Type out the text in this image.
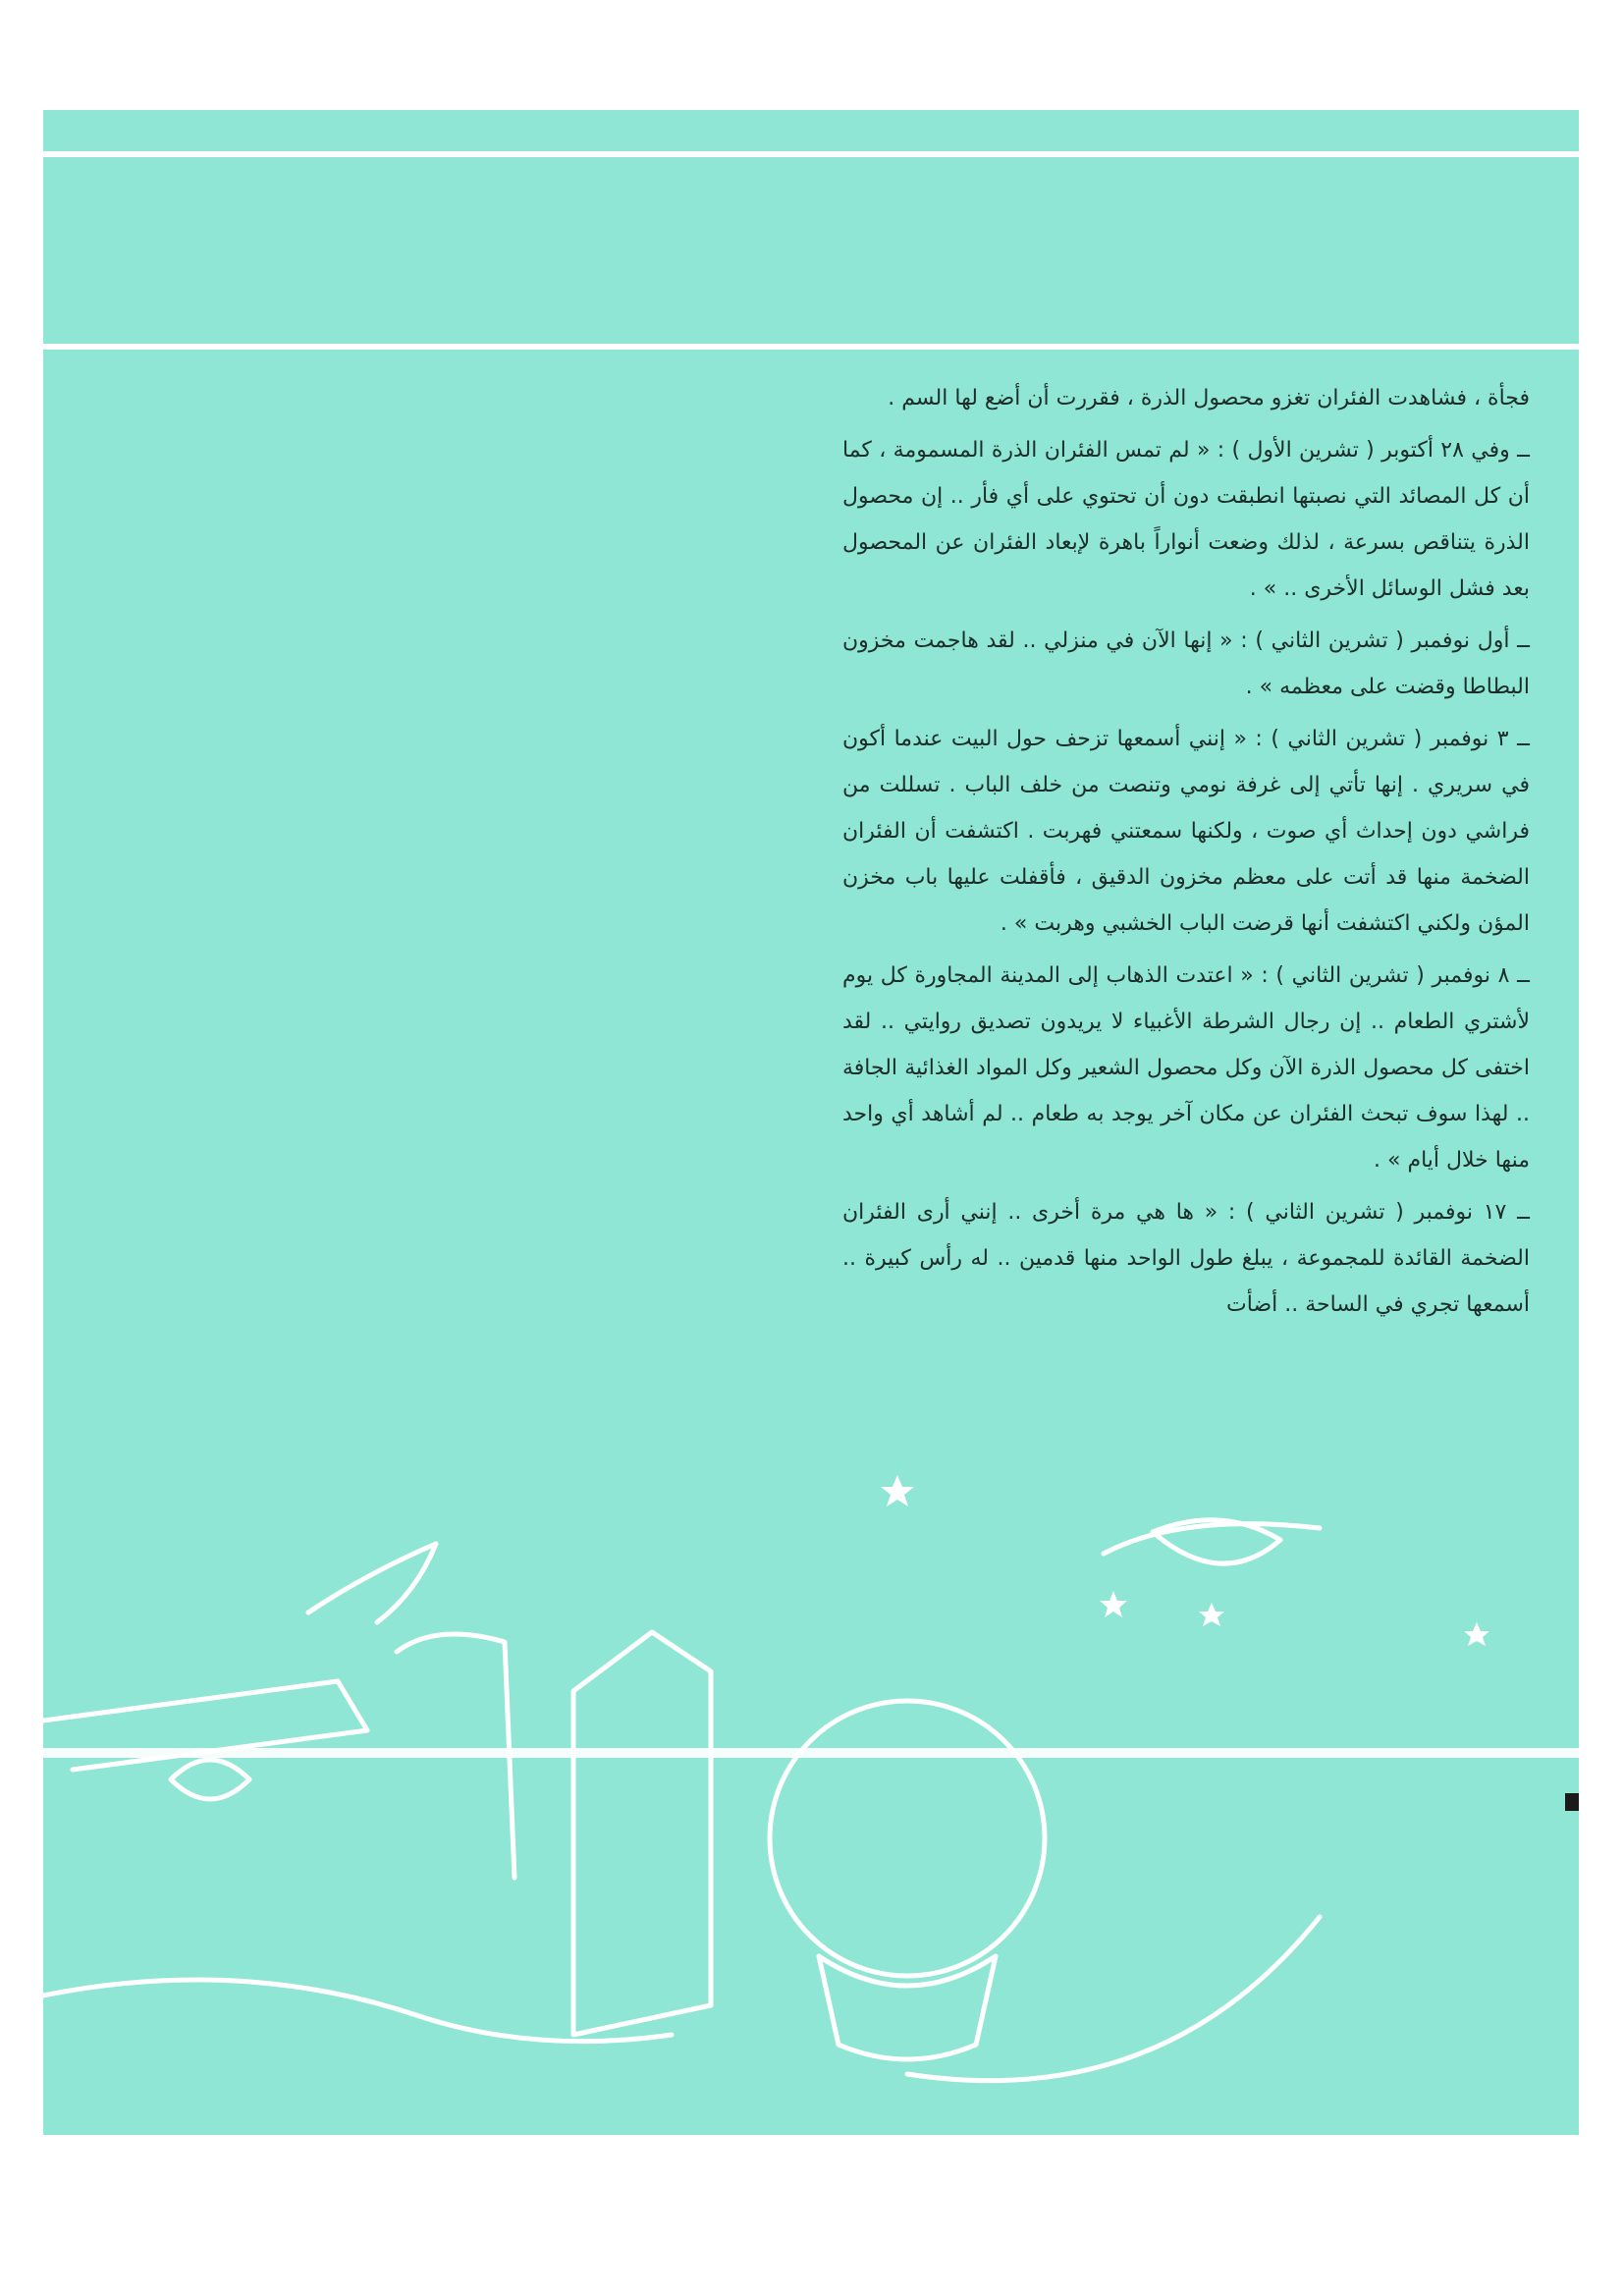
فجأة ، فشاهدت الفئران تغزو محصول الذرة ، فقررت أن أضع لها السم .

ــ وفي ٢٨ أكتوبر ( تشرين الأول ) : « لم تمس الفئران الذرة المسمومة ، كما أن كل المصائد التي نصبتها انطبقت دون أن تحتوي على أي فأر .. إن محصول الذرة يتناقص بسرعة ، لذلك وضعت أنواراً باهرة لإبعاد الفئران عن المحصول بعد فشل الوسائل الأخرى .. » .

ــ أول نوفمبر ( تشرين الثاني ) : « إنها الآن في منزلي .. لقد هاجمت مخزون البطاطا وقضت على معظمه » .

ــ ٣ نوفمبر ( تشرين الثاني ) : « إنني أسمعها تزحف حول البيت عندما أكون في سريري . إنها تأتي إلى غرفة نومي وتنصت من خلف الباب . تسللت من فراشي دون إحداث أي صوت ، ولكنها سمعتني فهربت . اكتشفت أن الفئران الضخمة منها قد أتت على معظم مخزون الدقيق ، فأقفلت عليها باب مخزن المؤن ولكني اكتشفت أنها قرضت الباب الخشبي وهربت » .

ــ ٨ نوفمبر ( تشرين الثاني ) : « اعتدت الذهاب إلى المدينة المجاورة كل يوم لأشتري الطعام .. إن رجال الشرطة الأغبياء لا يريدون تصديق روايتي .. لقد اختفى كل محصول الذرة الآن وكل محصول الشعير وكل المواد الغذائية الجافة .. لهذا سوف تبحث الفئران عن مكان آخر يوجد به طعام .. لم أشاهد أي واحد منها خلال أيام » .

ــ ١٧ نوفمبر ( تشرين الثاني ) : « ها هي مرة أخرى .. إنني أرى الفئران الضخمة القائدة للمجموعة ، يبلغ طول الواحد منها قدمين .. له رأس كبيرة .. أسمعها تجري في الساحة .. أضأت
